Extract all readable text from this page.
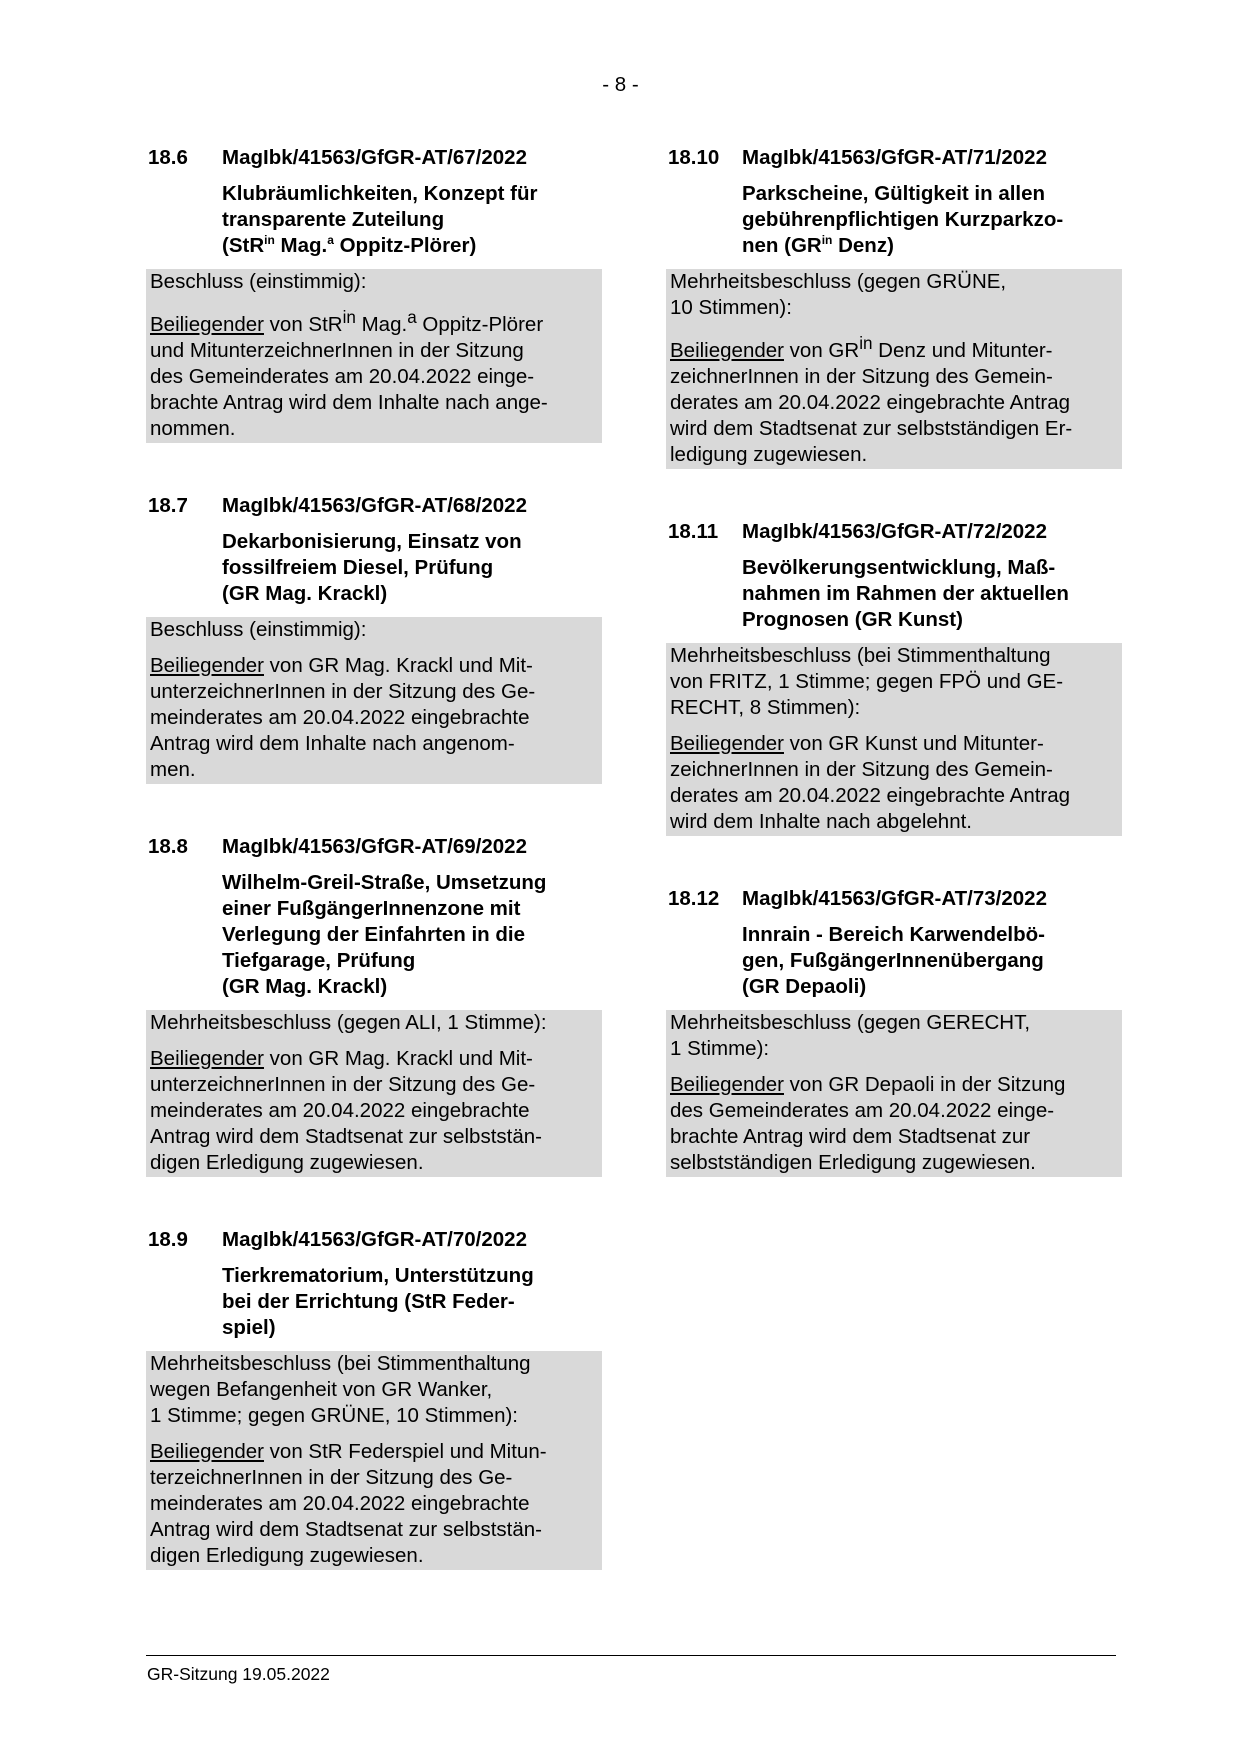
- 8 -
18.6	MagIbk/41563/GfGR-AT/67/2022
Klubräumlichkeiten, Konzept für
transparente Zuteilung
(StR$^{in}$ Mag.$^a$ Oppitz-Plörer)
Beschluss (einstimmig):
Beiliegender von StR$^{in}$ Mag.$^a$ Oppitz-Plörer
und MitunterzeichnerInnen in der Sitzung
des Gemeinderates am 20.04.2022 einge-
brachte Antrag wird dem Inhalte nach ange-
nommen.
18.7	MagIbk/41563/GfGR-AT/68/2022
Dekarbonisierung, Einsatz von
fossilfreiem Diesel, Prüfung
(GR Mag. Krackl)
Beschluss (einstimmig):
Beiliegender von GR Mag. Krackl und Mit-
unterzeichnerInnen in der Sitzung des Ge-
meinderates am 20.04.2022 eingebrachte
Antrag wird dem Inhalte nach angenom-
men.
18.8	MagIbk/41563/GfGR-AT/69/2022
Wilhelm-Greil-Straße, Umsetzung
einer FußgängerInnenzone mit
Verlegung der Einfahrten in die
Tiefgarage, Prüfung
(GR Mag. Krackl)
Mehrheitsbeschluss (gegen ALI, 1 Stimme):
Beiliegender von GR Mag. Krackl und Mit-
unterzeichnerInnen in der Sitzung des Ge-
meinderates am 20.04.2022 eingebrachte
Antrag wird dem Stadtsenat zur selbststän-
digen Erledigung zugewiesen.
18.9	MagIbk/41563/GfGR-AT/70/2022
Tierkrematorium, Unterstützung
bei der Errichtung (StR Feder-
spiel)
Mehrheitsbeschluss (bei Stimmenthaltung
wegen Befangenheit von GR Wanker,
1 Stimme; gegen GRÜNE, 10 Stimmen):
Beiliegender von StR Federspiel und Mitun-
terzeichnerInnen in der Sitzung des Ge-
meinderates am 20.04.2022 eingebrachte
Antrag wird dem Stadtsenat zur selbststän-
digen Erledigung zugewiesen.
18.10	MagIbk/41563/GfGR-AT/71/2022
Parkscheine, Gültigkeit in allen
gebührenpflichtigen Kurzparkzo-
nen ($GR^{in}$ Denz)
Mehrheitsbeschluss (gegen GRÜNE,
10 Stimmen):
Beiliegender von $GR^{in}$ Denz und Mitunter-
zeichnerInnen in der Sitzung des Gemein-
derates am 20.04.2022 eingebrachte Antrag
wird dem Stadtsenat zur selbstständigen Er-
ledigung zugewiesen.
18.11	MagIbk/41563/GfGR-AT/72/2022
Bevölkerungsentwicklung, Maß-
nahmen im Rahmen der aktuellen
Prognosen (GR Kunst)
Mehrheitsbeschluss (bei Stimmenthaltung
von FRITZ, 1 Stimme; gegen FPÖ und GE-
RECHT, 8 Stimmen):
Beiliegender von GR Kunst und Mitunter-
zeichnerInnen in der Sitzung des Gemein-
derates am 20.04.2022 eingebrachte Antrag
wird dem Inhalte nach abgelehnt.
18.12	MagIbk/41563/GfGR-AT/73/2022
Innrain - Bereich Karwendelbö-
gen, FußgängerInnenübergang
(GR Depaoli)
Mehrheitsbeschluss (gegen GERECHT,
1 Stimme):
Beiliegender von GR Depaoli in der Sitzung
des Gemeinderates am 20.04.2022 einge-
brachte Antrag wird dem Stadtsenat zur
selbstständigen Erledigung zugewiesen.
GR-Sitzung 19.05.2022
